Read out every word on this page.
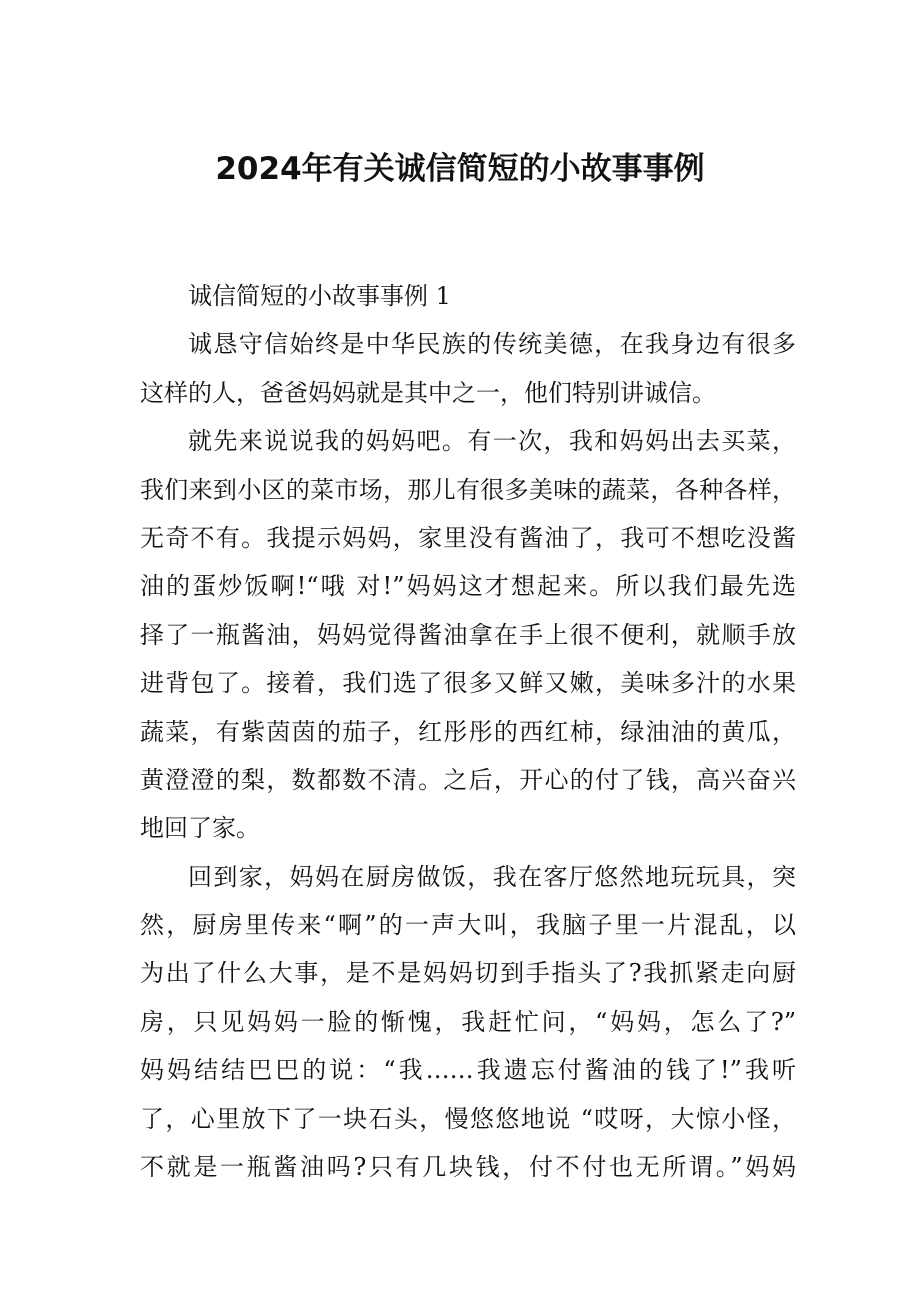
2024年有关诚信简短的小故事事例
诚信简短的小故事事例 1
诚恳守信始终是中华民族的传统美德，在我身边有很多
这样的人，爸爸妈妈就是其中之一，他们特别讲诚信。
就先来说说我的妈妈吧。有一次，我和妈妈出去买菜，
我们来到小区的菜市场，那儿有很多美味的蔬菜，各种各样，
无奇不有。我提示妈妈，家里没有酱油了，我可不想吃没酱
油的蛋炒饭啊!“哦 对!”妈妈这才想起来。所以我们最先选
择了一瓶酱油，妈妈觉得酱油拿在手上很不便利，就顺手放
进背包了。接着，我们选了很多又鲜又嫩，美味多汁的水果
蔬菜，有紫茵茵的茄子，红彤彤的西红柿，绿油油的黄瓜，
黄澄澄的梨，数都数不清。之后，开心的付了钱，高兴奋兴
地回了家。
回到家，妈妈在厨房做饭，我在客厅悠然地玩玩具，突
然，厨房里传来“啊”的一声大叫，我脑子里一片混乱，以
为出了什么大事，是不是妈妈切到手指头了?我抓紧走向厨
房，只见妈妈一脸的惭愧，我赶忙问，“妈妈，怎么了?”
妈妈结结巴巴的说：“我……我遗忘付酱油的钱了!”我听
了，心里放下了一块石头，慢悠悠地说 “哎呀，大惊小怪，
不就是一瓶酱油吗?只有几块钱，付不付也无所谓。”妈妈
